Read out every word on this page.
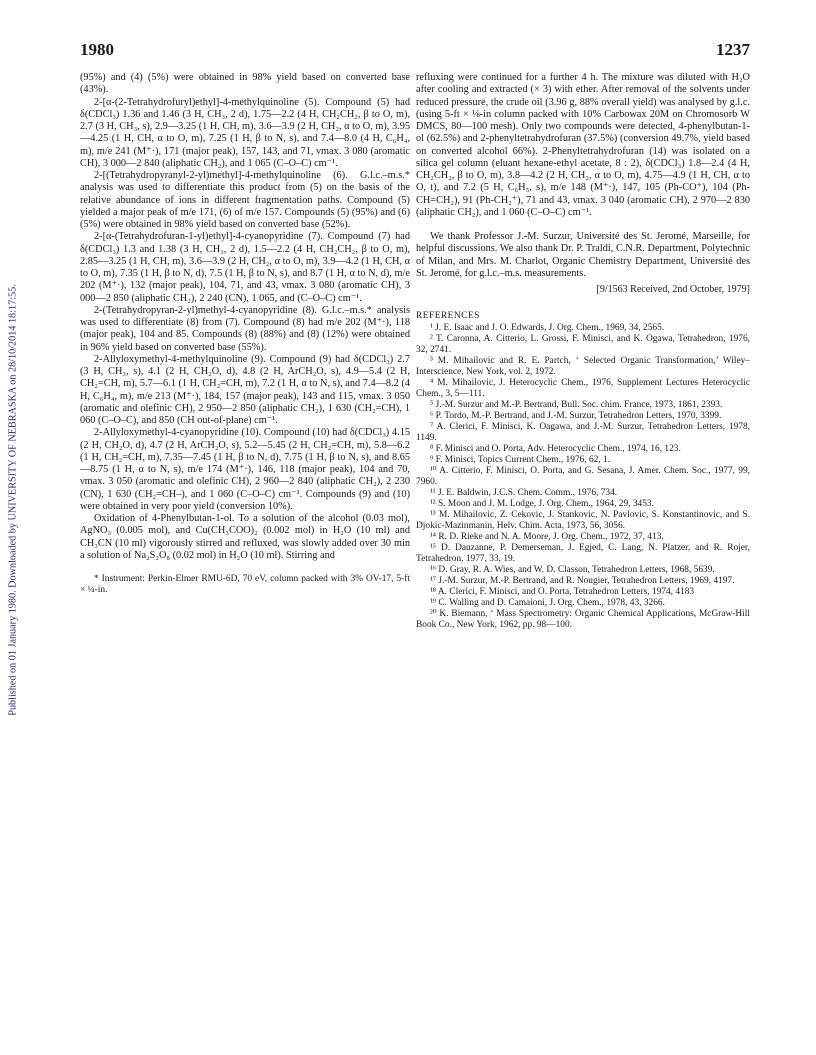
Published on 01 January 1980. Downloaded by UNIVERSITY OF NEBRASKA on 28/10/2014 18:17:55.
1980	1237

(95%) and (4) (5%) were obtained in 98% yield based on converted base (43%).

2-[α-(2-Tetrahydrofuryl)ethyl]-4-methylquinoline (5). Compound (5) had δ(CDCl₃) 1.36 and 1.46 (3 H, CH₃, 2 d), 1.75—2.2 (4 H, CH₂CH₂, β to O, m), 2.7 (3 H, CH₃, s), 2.9—3.25 (1 H, CH, m), 3.6—3.9 (2 H, CH₂, α to O, m), 3.95—4.25 (1 H, CH, α to O, m), 7.25 (1 H, β to N, s), and 7.4—8.0 (4 H, C₆H₄, m), m/e 241 (M⁺·), 171 (major peak), 157, 143, and 71, νmax. 3 080 (aromatic CH), 3 000—2 840 (aliphatic CH₂), and 1 065 (C–O–C) cm⁻¹.

2-[(Tetrahydropyranyl-2-yl)methyl]-4-methylquinoline (6). G.l.c.–m.s.* analysis was used to differentiate this product from (5) on the basis of the relative abundance of ions in different fragmentation paths. Compound (5) yielded a major peak of m/e 171, (6) of m/e 157. Compounds (5) (95%) and (6) (5%) were obtained in 98% yield based on converted base (52%).

2-[α-(Tetrahydrofuran-1-yl)ethyl]-4-cyanopyridine (7). Compound (7) had δ(CDCl₃) 1.3 and 1.38 (3 H, CH₃, 2 d), 1.5—2.2 (4 H, CH₂CH₂, β to O, m), 2.85—3.25 (1 H, CH, m), 3.6—3.9 (2 H, CH₂, α to O, m), 3.9—4.2 (1 H, CH, α to O, m), 7.35 (1 H, β to N, d), 7.5 (1 H, β to N, s), and 8.7 (1 H, α to N, d), m/e 202 (M⁺·), 132 (major peak), 104, 71, and 43, νmax. 3 080 (aromatic CH), 3 000—2 850 (aliphatic CH₂), 2 240 (CN), 1 065, and (C–O–C) cm⁻¹.

2-(Tetrahydropyran-2-yl)methyl-4-cyanopyridine (8). G.l.c.–m.s.* analysis was used to differentiate (8) from (7). Compound (8) had m/e 202 (M⁺·), 118 (major peak), 104 and 85. Compounds (8) (88%) and (8) (12%) were obtained in 96% yield based on converted base (55%).

2-Allyloxymethyl-4-methylquinoline (9). Compound (9) had δ(CDCl₃) 2.7 (3 H, CH₃, s), 4.1 (2 H, CH₂O, d), 4.8 (2 H, ArCH₂O, s), 4.9—5.4 (2 H, CH₂=CH, m), 5.7—6.1 (1 H, CH₂=CH, m), 7.2 (1 H, α to N, s), and 7.4—8.2 (4 H, C₆H₄, m), m/e 213 (M⁺·), 184, 157 (major peak), 143 and 115, νmax. 3 050 (aromatic and olefinic CH), 2 950—2 850 (aliphatic CH₂), 1 630 (CH₂=CH), 1 060 (C–O–C), and 850 (CH out-of-plane) cm⁻¹.

2-Allyloxymethyl-4-cyanopyridine (10). Compound (10) had δ(CDCl₃) 4.15 (2 H, CH₂O, d), 4.7 (2 H, ArCH₂O, s), 5.2—5.45 (2 H, CH₂=CH, m), 5.8—6.2 (1 H, CH₂=CH, m), 7.35—7.45 (1 H, β to N, d), 7.75 (1 H, β to N, s), and 8.65—8.75 (1 H, α to N, s), m/e 174 (M⁺·), 146, 118 (major peak), 104 and 70, νmax. 3 050 (aromatic and olefinic CH), 2 960—2 840 (aliphatic CH₂), 2 230 (CN), 1 630 (CH₂=CH–), and 1 060 (C–O–C) cm⁻¹. Compounds (9) and (10) were obtained in very poor yield (conversion 10%).

Oxidation of 4-Phenylbutan-1-ol. To a solution of the alcohol (0.03 mol), AgNO₃ (0.005 mol), and Cu(CH₃COO)₂ (0.002 mol) in H₂O (10 ml) and CH₃CN (10 ml) vigorously stirred and refluxed, was slowly added over 30 min a solution of Na₂S₂O₈ (0.02 mol) in H₂O (10 ml). Stirring and

* Instrument: Perkin-Elmer RMU-6D, 70 eV, column packed with 3% OV-17, 5-ft × ¼-in.

refluxing were continued for a further 4 h. The mixture was diluted with H₂O after cooling and extracted (× 3) with ether. After removal of the solvents under reduced pressure, the crude oil (3.96 g, 88% overall yield) was analysed by g.l.c. (using 5-ft × ⅛-in column packed with 10% Carbowax 20M on Chromosorb W DMCS, 80—100 mesh). Only two compounds were detected, 4-phenylbutan-1-ol (62.5%) and 2-phenyltetrahydrofuran (37.5%) (conversion 49.7%, yield based on converted alcohol 66%). 2-Phenyltetrahydrofuran (14) was isolated on a silica gel column (eluant hexane-ethyl acetate, 8 : 2), δ(CDCl₃) 1.8—2.4 (4 H, CH₂CH₂, β to O, m), 3.8—4.2 (2 H, CH₂, α to O, m), 4.75—4.9 (1 H, CH, α to O, t), and 7.2 (5 H, C₆H₅, s), m/e 148 (M⁺·), 147, 105 (Ph-CO⁺), 104 (Ph-CH=CH₂), 91 (Ph-CH₂⁺), 71 and 43, νmax. 3 040 (aromatic CH), 2 970—2 830 (aliphatic CH₂), and 1 060 (C–O–C) cm⁻¹.

We thank Professor J.-M. Surzur, Université des St. Jeromé, Marseille, for helpful discussions. We also thank Dr. P. Traldi, C.N.R. Department, Polytechnic of Milan, and Mrs. M. Charlot, Organic Chemistry Department, Université des St. Jeromé, for g.l.c.–m.s. measurements.

[9/1563 Received, 2nd October, 1979]

REFERENCES

¹ J. E. Isaac and J. O. Edwards, J. Org. Chem., 1969, 34, 2565.

² T. Caronna, A. Citterio, L. Grossi, F. Minisci, and K. Ogawa, Tetrahedron, 1976, 32, 2741.

³ M. Mihailovic and R. E. Partch, ‘ Selected Organic Transformation,’ Wiley–Interscience, New York, vol. 2, 1972.

⁴ M. Mihailovic, J. Heterocyclic Chem., 1976, Supplement Lectures Heterocyclic Chem., 3, 5—111.

⁵ J.-M. Surzur and M.-P. Bertrand, Bull. Soc. chim. France, 1973, 1861, 2393.

⁶ P. Tordo, M.-P. Bertrand, and J.-M. Surzur, Tetrahedron Letters, 1970, 3399.

⁷ A. Clerici, F. Minisci, K. Oagawa, and J.-M. Surzur, Tetrahedron Letters, 1978, 1149.

⁸ F. Minisci and O. Porta, Adv. Heterocyclic Chem., 1974, 16, 123.

⁹ F. Minisci, Topics Current Chem., 1976, 62, 1.

¹⁰ A. Citterio, F. Minisci, O. Porta, and G. Sesana, J. Amer. Chem. Soc., 1977, 99, 7960.

¹¹ J. E. Baldwin, J.C.S. Chem. Comm., 1976, 734.

¹² S. Moon and J. M. Lodge, J. Org. Chem., 1964, 29, 3453.

¹³ M. Mihailovic, Z. Cekovic, J. Stankovic, N. Pavlovic, S. Konstantinovic, and S. Djokic-Mazinmanin, Helv. Chim. Acta, 1973, 56, 3056.

¹⁴ R. D. Rieke and N. A. Moore, J. Org. Chem., 1972, 37, 413.

¹⁵ D. Dauzanne, P. Demerseman, J. Egjed, C. Lang, N. Platzer, and R. Rojer, Tetrahedron, 1977, 33, 19.

¹⁶ D. Gray, R. A. Wies, and W. D. Classon, Tetrahedron Letters, 1968, 5639.

¹⁷ J.-M. Surzur, M.-P. Bertrand, and R. Nougier, Tetrahedron Letters, 1969, 4197.

¹⁸ A. Clerici, F. Minisci, and O. Porta, Tetrahedron Letters, 1974, 4183

¹⁹ C. Walling and D. Camaioni, J. Org. Chem., 1978, 43, 3266.

²⁰ K. Biemann, ‘ Mass Spectrometry: Organic Chemical Applications, McGraw-Hill Book Co., New York, 1962, pp. 98—100.
